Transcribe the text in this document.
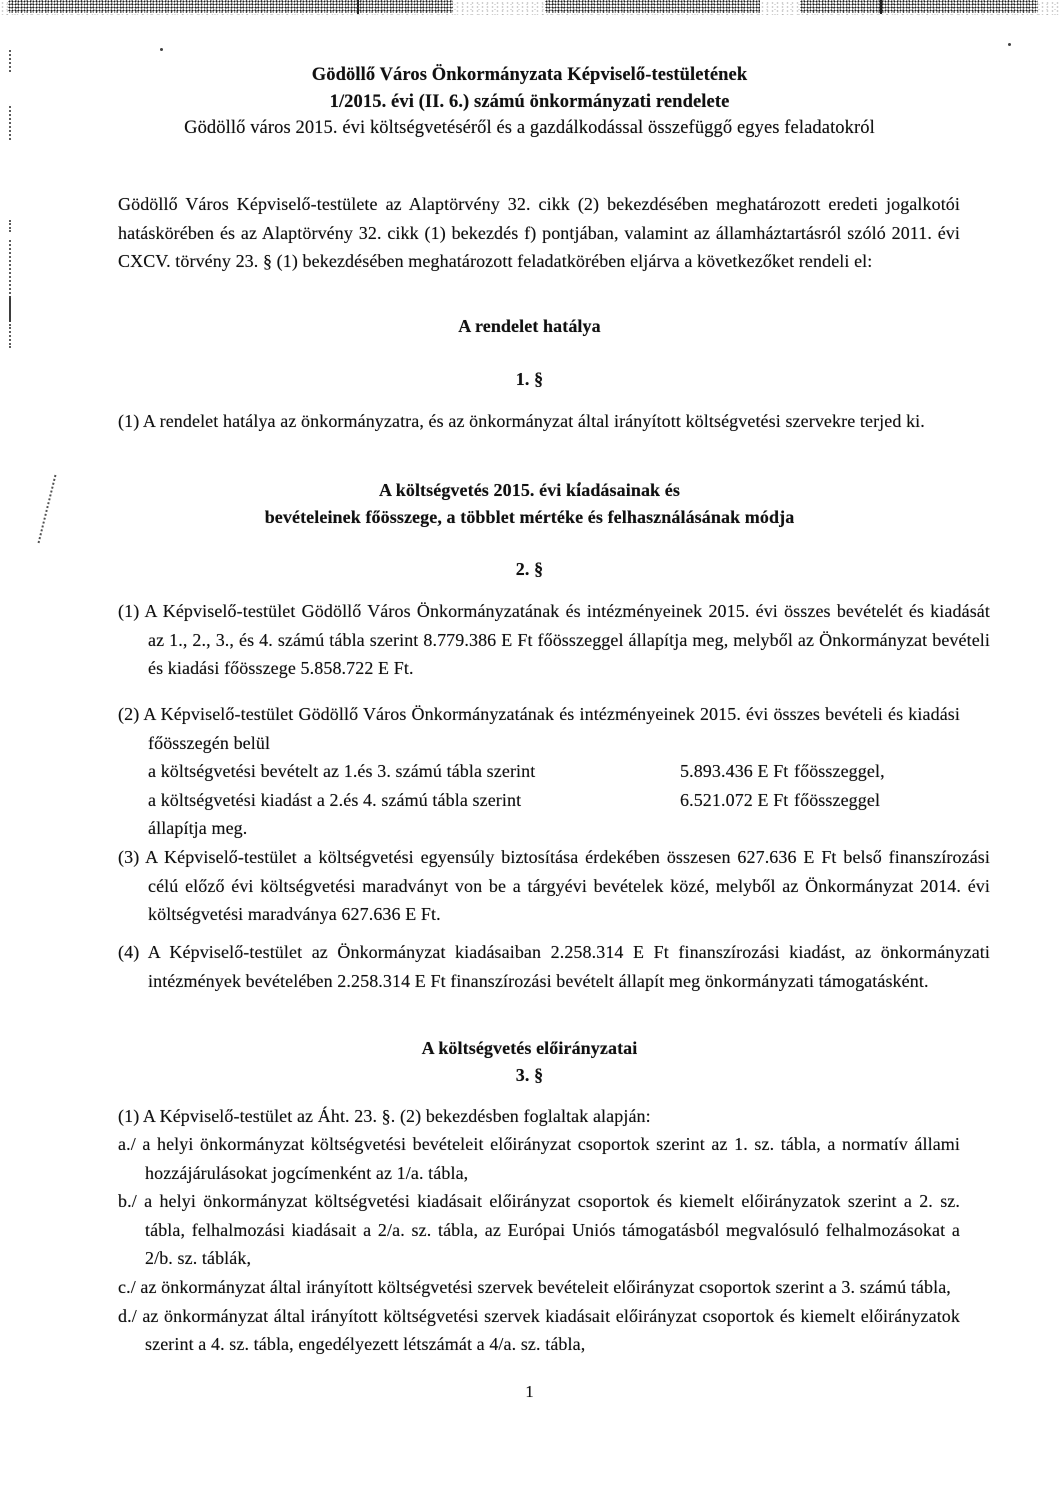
Gödöllő Város Önkormányzata Képviselő-testületének
1/2015. évi (II. 6.) számú önkormányzati rendelete
Gödöllő város 2015. évi költségvetéséről és a gazdálkodással összefüggő egyes feladatokról
Gödöllő Város Képviselő-testülete az Alaptörvény 32. cikk (2) bekezdésében meghatározott eredeti jogalkotói hatáskörében és az Alaptörvény 32. cikk (1) bekezdés f) pontjában, valamint az államháztartásról szóló 2011. évi CXCV. törvény 23. § (1) bekezdésében meghatározott feladatkörében eljárva a következőket rendeli el:
A rendelet hatálya
1. §
(1) A rendelet hatálya az önkormányzatra, és az önkormányzat által irányított költségvetési szervekre terjed ki.
A költségvetés 2015. évi kiadásainak és
bevételeinek főösszege, a többlet mértéke és felhasználásának módja
2. §
(1) A Képviselő-testület Gödöllő Város Önkormányzatának és intézményeinek 2015. évi összes bevételét és kiadását az 1., 2., 3., és 4. számú tábla szerint 8.779.386 E Ft főösszeggel állapítja meg, melyből az Önkormányzat bevételi és kiadási főösszege 5.858.722 E Ft.
(2) A Képviselő-testület Gödöllő Város Önkormányzatának és intézményeinek 2015. évi összes bevételi és kiadási főösszegén belül
a költségvetési bevételt az 1.és 3. számú tábla szerint	5.893.436 E Ft főösszeggel,
a költségvetési kiadást a 2.és 4. számú tábla szerint	6.521.072 E Ft főösszeggel
állapítja meg.
(3) A Képviselő-testület a költségvetési egyensúly biztosítása érdekében összesen 627.636 E Ft belső finanszírozási célú előző évi költségvetési maradványt von be a tárgyévi bevételek közé, melyből az Önkormányzat 2014. évi költségvetési maradványa 627.636 E Ft.
(4) A Képviselő-testület az Önkormányzat kiadásaiban 2.258.314 E Ft finanszírozási kiadást, az önkormányzati intézmények bevételében 2.258.314 E Ft finanszírozási bevételt állapít meg önkormányzati támogatásként.
A költségvetés előirányzatai
3. §
(1) A Képviselő-testület az Áht. 23. §. (2) bekezdésben foglaltak alapján:
a./ a helyi önkormányzat költségvetési bevételeit előirányzat csoportok szerint az 1. sz. tábla, a normatív állami hozzájárulásokat jogcímenként az 1/a. tábla,
b./ a helyi önkormányzat költségvetési kiadásait előirányzat csoportok és kiemelt előirányzatok szerint a 2. sz. tábla, felhalmozási kiadásait a 2/a. sz. tábla, az Európai Uniós támogatásból megvalósuló felhalmozásokat a 2/b. sz. táblák,
c./ az önkormányzat által irányított költségvetési szervek bevételeit előirányzat csoportok szerint a 3. számú tábla,
d./ az önkormányzat által irányított költségvetési szervek kiadásait előirányzat csoportok és kiemelt előirányzatok szerint a 4. sz. tábla, engedélyezett létszámát a 4/a. sz. tábla,
1
